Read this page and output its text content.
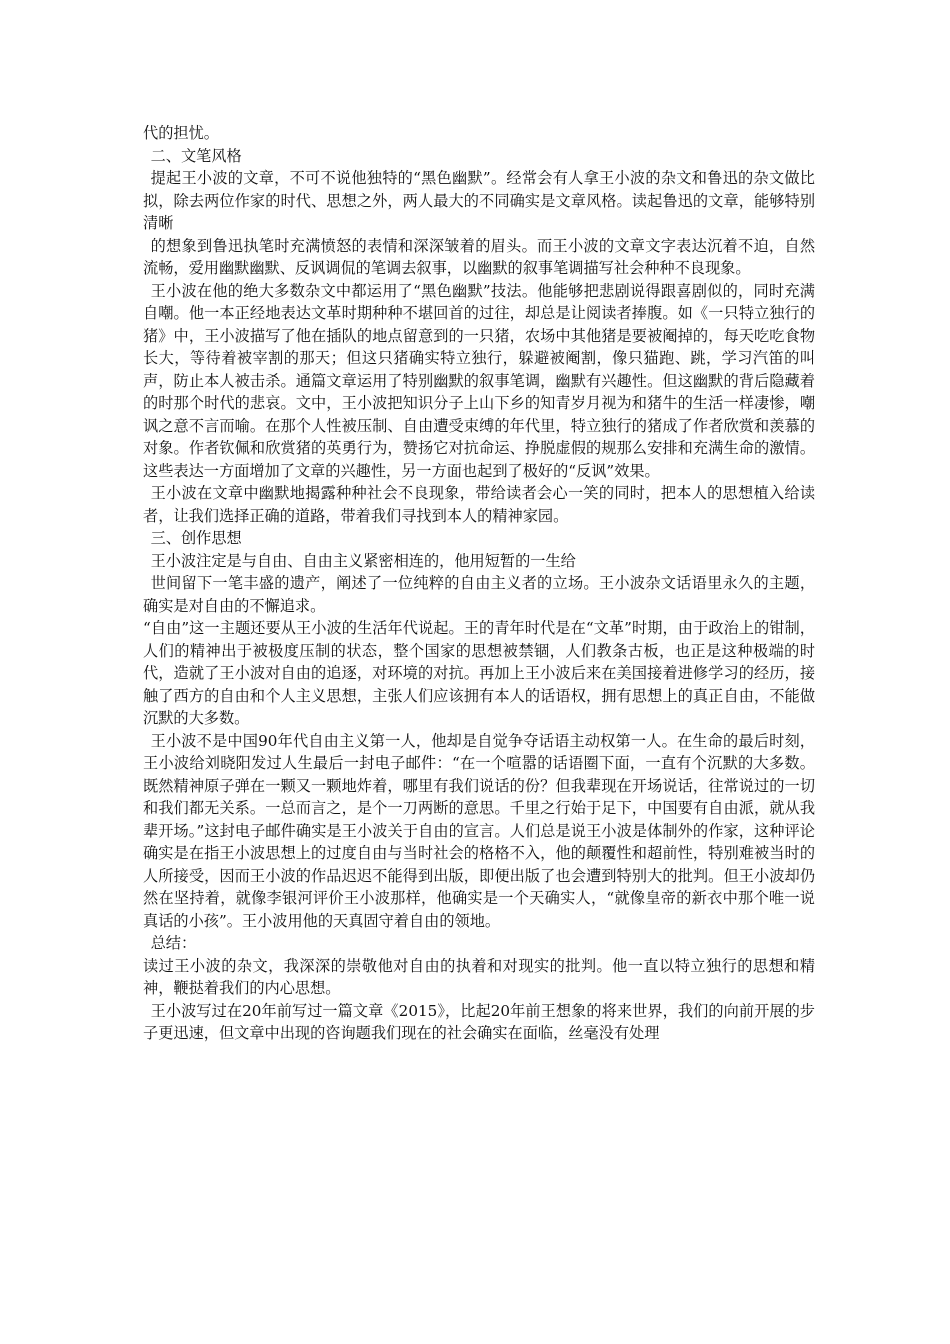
代的担忧。

二、文笔风格

提起王小波的文章，不可不说他独特的“黑色幽默”。经常会有人拿王小波的杂文和鲁迅的杂文做比拟，除去两位作家的时代、思想之外，两人最大的不同确实是文章风格。读起鲁迅的文章，能够特别清晰

的想象到鲁迅执笔时充满愤怒的表情和深深皱着的眉头。而王小波的文章文字表达沉着不迫，自然流畅，爱用幽默幽默、反讽调侃的笔调去叙事，以幽默的叙事笔调描写社会种种不良现象。

王小波在他的绝大多数杂文中都运用了“黑色幽默”技法。他能够把悲剧说得跟喜剧似的，同时充满自嘲。他一本正经地表达文革时期种种不堪回首的过往，却总是让阅读者捧腹。如《一只特立独行的猪》中，王小波描写了他在插队的地点留意到的一只猪，农场中其他猪是要被阉掉的，每天吃吃食物长大，等待着被宰割的那天；但这只猪确实特立独行，躲避被阉割，像只猫跑、跳，学习汽笛的叫声，防止本人被击杀。通篇文章运用了特别幽默的叙事笔调，幽默有兴趣性。但这幽默的背后隐藏着的时那个时代的悲哀。文中，王小波把知识分子上山下乡的知青岁月视为和猪牛的生活一样凄惨，嘲讽之意不言而喻。在那个人性被压制、自由遭受束缚的年代里，特立独行的猪成了作者欣赏和羡慕的对象。作者钦佩和欣赏猪的英勇行为，赞扬它对抗命运、挣脱虚假的规那么安排和充满生命的激情。这些表达一方面增加了文章的兴趣性，另一方面也起到了极好的“反讽”效果。

王小波在文章中幽默地揭露种种社会不良现象，带给读者会心一笑的同时，把本人的思想植入给读者，让我们选择正确的道路，带着我们寻找到本人的精神家园。

三、创作思想

王小波注定是与自由、自由主义紧密相连的，他用短暂的一生给

世间留下一笔丰盛的遗产，阐述了一位纯粹的自由主义者的立场。王小波杂文话语里永久的主题，确实是对自由的不懈追求。

“自由”这一主题还要从王小波的生活年代说起。王的青年时代是在“文革”时期，由于政治上的钳制，人们的精神出于被极度压制的状态，整个国家的思想被禁锢，人们教条古板，也正是这种极端的时代，造就了王小波对自由的追逐，对环境的对抗。再加上王小波后来在美国接着进修学习的经历，接触了西方的自由和个人主义思想，主张人们应该拥有本人的话语权，拥有思想上的真正自由，不能做沉默的大多数。

王小波不是中国90年代自由主义第一人，他却是自觉争夺话语主动权第一人。在生命的最后时刻，王小波给刘晓阳发过人生最后一封电子邮件：“在一个喧嚣的话语圈下面，一直有个沉默的大多数。既然精神原子弹在一颗又一颗地炸着，哪里有我们说话的份？但我辈现在开场说话，往常说过的一切和我们都无关系。一总而言之，是个一刀两断的意思。千里之行始于足下，中国要有自由派，就从我辈开场。”这封电子邮件确实是王小波关于自由的宣言。人们总是说王小波是体制外的作家，这种评论确实是在指王小波思想上的过度自由与当时社会的格格不入，他的颠覆性和超前性，特别难被当时的人所接受，因而王小波的作品迟迟不能得到出版，即便出版了也会遭到特别大的批判。但王小波却仍然在坚持着，就像李银河评价王小波那样，他确实是一个天确实人，“就像皇帝的新衣中那个唯一说真话的小孩”。王小波用他的天真固守着自由的领地。

总结：

读过王小波的杂文，我深深的崇敬他对自由的执着和对现实的批判。他一直以特立独行的思想和精神，鞭挞着我们的内心思想。

王小波写过在20年前写过一篇文章《2015》，比起20年前王想象的将来世界，我们的向前开展的步子更迅速，但文章中出现的咨询题我们现在的社会确实在面临，丝毫没有处理
